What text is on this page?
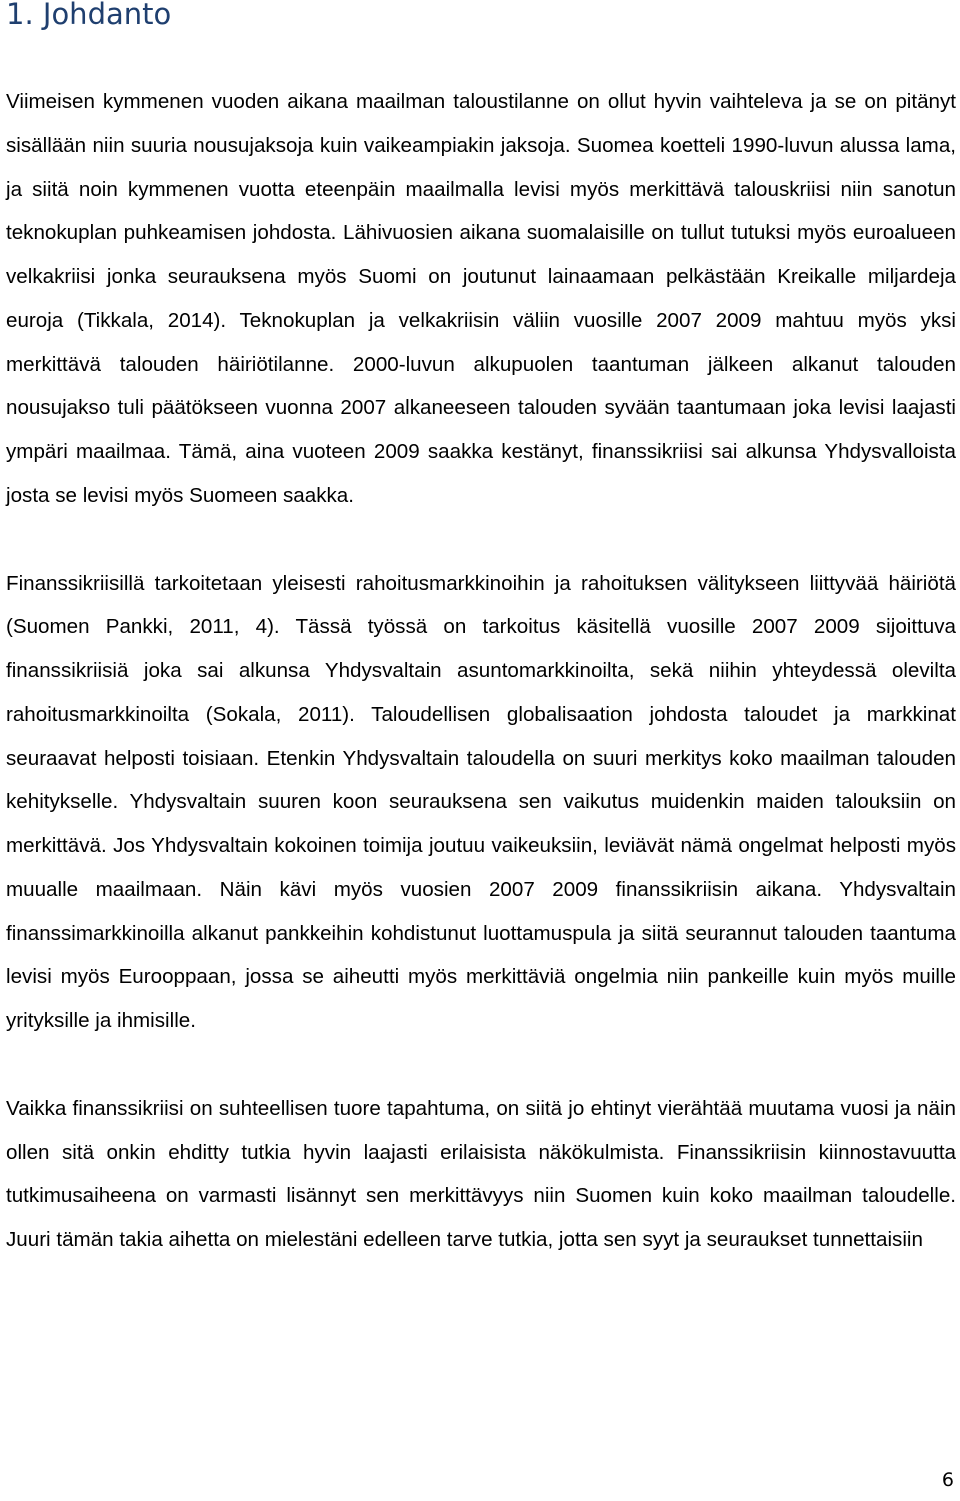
1. Johdanto

Viimeisen kymmenen vuoden aikana maailman taloustilanne on ollut hyvin vaihteleva ja se on pitänyt sisällään niin suuria nousujaksoja kuin vaikeampiakin jaksoja. Suomea koetteli 1990-luvun alussa lama, ja siitä noin kymmenen vuotta eteenpäin maailmalla levisi myös merkittävä talouskriisi niin sanotun teknokuplan puhkeamisen johdosta. Lähivuosien aikana suomalaisille on tullut tutuksi myös euroalueen velkakriisi jonka seurauksena myös Suomi on joutunut lainaamaan pelkästään Kreikalle miljardeja euroja (Tikkala, 2014). Teknokuplan ja velkakriisin väliin vuosille 2007 2009 mahtuu myös yksi merkittävä talouden häiriötilanne. 2000-luvun alkupuolen taantuman jälkeen alkanut talouden nousujakso tuli päätökseen vuonna 2007 alkaneeseen talouden syvään taantumaan joka levisi laajasti ympäri maailmaa. Tämä, aina vuoteen 2009 saakka kestänyt, finanssikriisi sai alkunsa Yhdysvalloista josta se levisi myös Suomeen saakka.

Finanssikriisillä tarkoitetaan yleisesti rahoitusmarkkinoihin ja rahoituksen välitykseen liittyvää häiriötä (Suomen Pankki, 2011, 4). Tässä työssä on tarkoitus käsitellä vuosille 2007 2009 sijoittuva finanssikriisiä joka sai alkunsa Yhdysvaltain asuntomarkkinoilta, sekä niihin yhteydessä olevilta rahoitusmarkkinoilta (Sokala, 2011). Taloudellisen globalisaation johdosta taloudet ja markkinat seuraavat helposti toisiaan. Etenkin Yhdysvaltain taloudella on suuri merkitys koko maailman talouden kehitykselle. Yhdysvaltain suuren koon seurauksena sen vaikutus muidenkin maiden talouksiin on merkittävä. Jos Yhdysvaltain kokoinen toimija joutuu vaikeuksiin, leviävät nämä ongelmat helposti myös muualle maailmaan. Näin kävi myös vuosien 2007 2009 finanssikriisin aikana. Yhdysvaltain finanssimarkkinoilla alkanut pankkeihin kohdistunut luottamuspula ja siitä seurannut talouden taantuma levisi myös Eurooppaan, jossa se aiheutti myös merkittäviä ongelmia niin pankeille kuin myös muille yrityksille ja ihmisille.

Vaikka finanssikriisi on suhteellisen tuore tapahtuma, on siitä jo ehtinyt vierähtää muutama vuosi ja näin ollen sitä onkin ehditty tutkia hyvin laajasti erilaisista näkökulmista. Finanssikriisin kiinnostavuutta tutkimusaiheena on varmasti lisännyt sen merkittävyys niin Suomen kuin koko maailman taloudelle. Juuri tämän takia aihetta on mielestäni edelleen tarve tutkia, jotta sen syyt ja seuraukset tunnettaisiin

6
